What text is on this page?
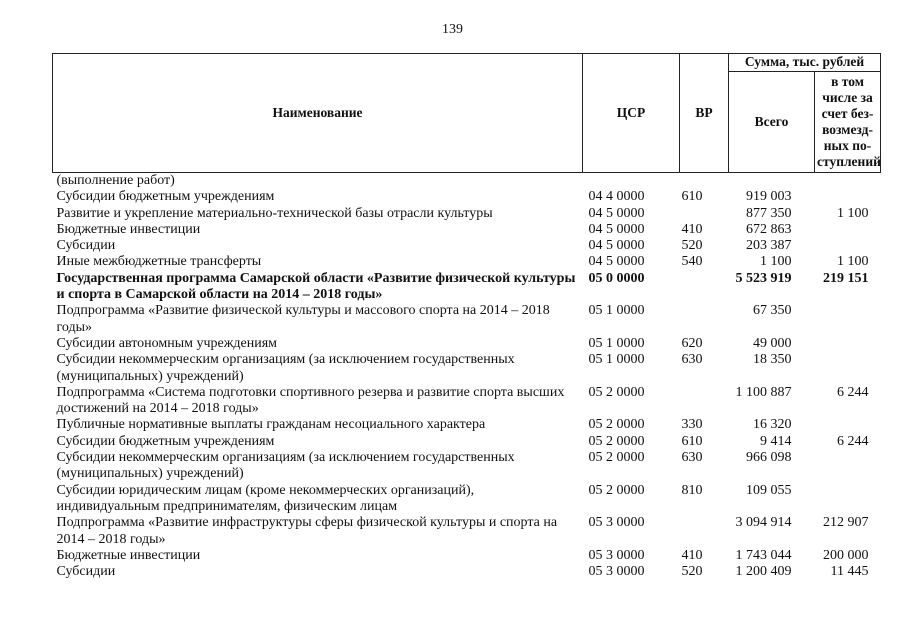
139
Наименование	ЦСР	ВР	Сумма, тыс. рублей	
			Всего	в том числе за счет без-возмезд-ных по-ступлений
(выполнение работ)				
Субсидии бюджетным учреждениям	04 4 0000	610	919 003	
Развитие и укрепление материально-технической базы отрасли культуры	04 5 0000		877 350	1 100
Бюджетные инвестиции	04 5 0000	410	672 863	
Субсидии	04 5 0000	520	203 387	
Иные межбюджетные трансферты	04 5 0000	540	1 100	1 100
Государственная программа Самарской области «Развитие физической культуры и спорта в Самарской области на 2014 – 2018 годы»	05 0 0000		5 523 919	219 151
Подпрограмма «Развитие физической культуры и массового спорта на 2014 – 2018 годы»	05 1 0000		67 350	
Субсидии автономным учреждениям	05 1 0000	620	49 000	
Субсидии некоммерческим организациям (за исключением государственных (муниципальных) учреждений)	05 1 0000	630	18 350	
Подпрограмма «Система подготовки спортивного резерва и развитие спорта высших достижений на 2014 – 2018 годы»	05 2 0000		1 100 887	6 244
Публичные нормативные выплаты гражданам несоциального характера	05 2 0000	330	16 320	
Субсидии бюджетным учреждениям	05 2 0000	610	9 414	6 244
Субсидии некоммерческим организациям (за исключением государственных (муниципальных) учреждений)	05 2 0000	630	966 098	
Субсидии юридическим лицам (кроме некоммерческих организаций), индивидуальным предпринимателям, физическим лицам	05 2 0000	810	109 055	
Подпрограмма «Развитие инфраструктуры сферы физической культуры и спорта на 2014 – 2018 годы»	05 3 0000		3 094 914	212 907
Бюджетные инвестиции	05 3 0000	410	1 743 044	200 000
Субсидии	05 3 0000	520	1 200 409	11 445
